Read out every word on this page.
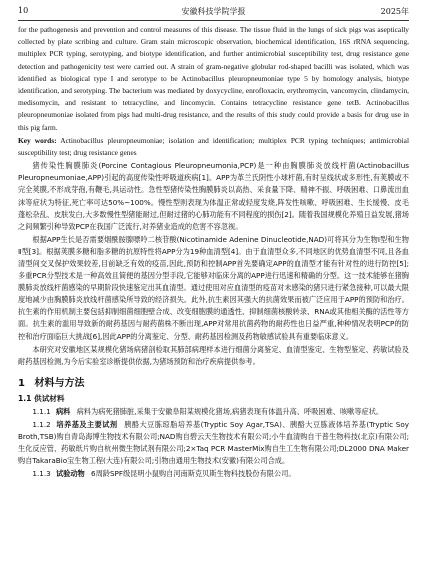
10	安徽科技学院学报	2025年

for the pathogenesis and prevention and control measures of this disease. The tissue fluid in the lungs of sick pigs was aseptically collected by plate scribing and culture. Gram stain microscopic observation, biochemical identification, 16S rRNA sequencing, multiplex PCR typing, serotyping, and biotype identification, and further antimicrobial susceptibility test, drug resistance gene detection and pathogenicity test were carried out. A strain of gram-negative globular rod-shaped bacilli was isolated, which was identified as biological type I and serotype to be Actinobacillus pleuropneumoniae type 5 by homology analysis, biotype identification, and serotyping. The bacterium was mediated by doxycycline, enrofloxacin, erythromycin, vancomycin, clindamycin, medisomycin, and resistant to tetracycline, and lincomycin. Contains tetracycline resistance gene tetB. Actinobacillus pleuropneumoniae isolated from pigs had multi-drug resistance, and the results of this study could provide a basis for drug use in this pig farm.

Key words: Actinobacillus pleuropneumoniae; isolation and identification; multiplex PCR typing techniques; antimicrobial susceptibility test; drug resistance genes

猪传染性胸膜肺炎(Porcine Contagious Pleuropneumonia,PCP)是一种由胸膜肺炎放线杆菌(Actinobacillus Pleuropneumoniae,APP)引起的高度传染性呼吸道疾病[1]。APP为革兰氏阴性小球杆菌,有时呈线状或多形性,有荚膜或不完全荚膜,不形成芽孢,有鞭毛,具运动性。急性型猪传染性胸膜肺炎以高热、采食量下降、精神不振、呼吸困难、口鼻流出血沫等症状为特征,死亡率可达50%~100%。慢性型则表现为体温正常或轻度发烧,阵发性咳嗽、呼吸困难、生长缓慢、皮毛蓬松杂乱、皮肤发白,大多数慢性型猪能耐过,但耐过猪的心肺功能有不同程度的损伤[2]。随着我国规模化养殖日益发展,猪场之间频繁引种导致PCP在我国广泛流行,对养猪业造成的危害不容忽视。

根据APP生长是否需要烟酰胺腺嘌呤二核苷酸(Nicotinamide Adenine Dinucleotide,NAD)可将其分为生物Ⅰ型和生物Ⅱ型[3]。根据荚膜多糖和脂多糖的抗原特性将APP分为19种血清型[4]。由于血清型众多,不同地区的优势血清型不同,且各血清型间交叉保护效果较差,目前缺乏有效的疫苗,因此,预防和控制APP首先要确定APP的血清型才能有针对性的进行防控[5];多重PCR分型技术是一种高效且简便的基因分型手段,它能够对临床分离的APP进行迅速和精确的分型。这一技术能够在猪胸膜肺炎放线杆菌感染的早期阶段快速鉴定出其血清型。通过使用对应血清型的疫苗对未感染的猪只进行紧急接种,可以最大限度地减少由胸膜肺炎放线杆菌感染所导致的经济损失。此外,抗生素因其强大的抗菌效果而被广泛应用于APP的预防和治疗。抗生素的作用机制主要包括抑制细菌细胞壁合成、改变细胞膜的通透性、抑制细菌核酸转录、RNA或其他相关酶的活性等方面。抗生素的滥用导致新的耐药基因与耐药菌株不断出现,APP对常用抗菌药物的耐药性也日益严重,种种情况表明PCP的防控和治疗面临巨大挑战[6],因此APP的分离鉴定、分型、耐药基因检测及药物敏感试验具有重要临床意义。

本研究对安徽地区某规模化猪场病猪剖检取其肺部病理样本进行细菌分离鉴定、血清型鉴定、生物型鉴定、药敏试验及耐药基因检测,为今后实验室诊断提供依据,为猪场预防和治疗疾病提供参考。

1 材料与方法
1.1 供试材料

1.1.1 病料 病料为病死猪肺脏,采集于安徽阜阳某规模化猪场,病猪表现有体温升高、呼吸困难、咳嗽等症状。

1.1.2 培养基及主要试剂 胰酪大豆胨琼脂培养基(Tryptic Soy Agar,TSA)、胰酪大豆胨液体培养基(Tryptic Soy Broth,TSB)购自青岛海博生物技术有限公司;NAD购自碧云天生物技术有限公司;小牛血清购自干普生物科技(北京)有限公司;生化反应管、药敏纸片购自杭州微生物试剂有限公司;2×Taq PCR MasterMix购自生工生物有限公司;DL2000 DNA Maker购自TakaraBio宝生物工程(大连)有限公司;引物由通用生物技术(安徽)有限公司合成。

1.1.3 试验动物 6周龄SPF级昆明小鼠购自河南斯克贝斯生物科技股份有限公司。
